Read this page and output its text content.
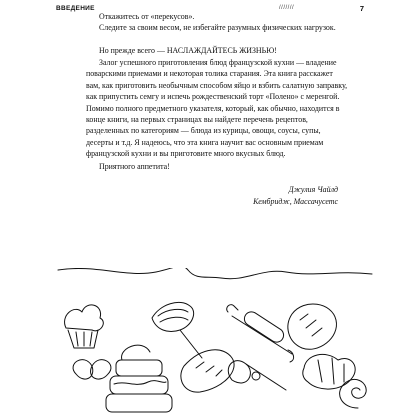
ВВЕДЕНИЕ	///////	7

Откажитесь от «перекусов».

Следите за своим весом, не избегайте разумных физических нагрузок.

Но прежде всего — НАСЛАЖДАЙТЕСЬ ЖИЗНЬЮ!

Залог успешного приготовления блюд французской кухни — владение поварскими приемами и некоторая толика старания. Эта книга расскажет вам, как приготовить необычным способом яйцо и взбить салатную заправку, как припустить семгу и испечь рождественский торт «Полено» с меренгой. Помимо полного предметного указателя, который, как обычно, находится в конце книги, на первых страницах вы найдете перечень рецептов, разделенных по категориям — блюда из курицы, овощи, соусы, супы, десерты и т.д. Я надеюсь, что эта книга научит вас основным приемам французской кухни и вы приготовите много вкусных блюд.

Приятного аппетита!

Джулия Чайлд
Кембридж, Массачусетс
